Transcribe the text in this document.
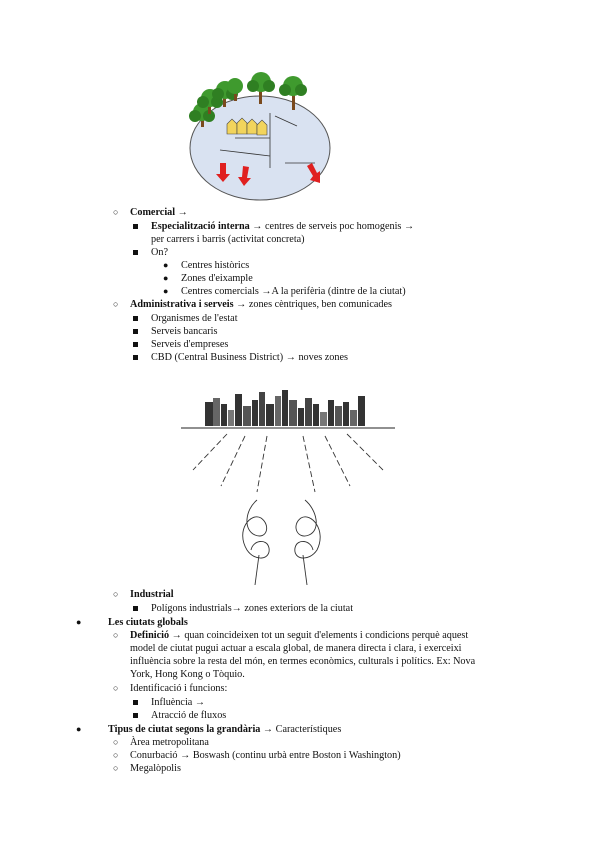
○ Comercial →
Especialització interna → centres de serveis poc homogenis →
per carrers i barris (activitat concreta)
On?
● Centres històrics
● Zones d'eixample
● Centres comercials →A la perifèria (dintre de la ciutat)
○ Administrativa i serveis → zones cèntriques, ben comunicades
Organismes de l'estat
Serveis bancaris
Serveis d'empreses
CBD (Central Business District) → noves zones
○ Industrial
Polígons industrials→ zones exteriors de la ciutat
●	Les ciutats globals
○ Definició → quan coincideixen tot un seguit d'elements i condicions perquè aquest
model de ciutat pugui actuar a escala global, de manera directa i clara, i exerceixi
influència sobre la resta del món, en termes econòmics, culturals i polítics. Ex: Nova
York, Hong Kong o Tòquio.
○ Identificació i funcions:
Influència →
Atracció de fluxos
●	Tipus de ciutat segons la grandària → Característiques
○ Àrea metropolitana
○ Conurbació → Boswash (continu urbà entre Boston i Washington)
○ Megalòpolis
